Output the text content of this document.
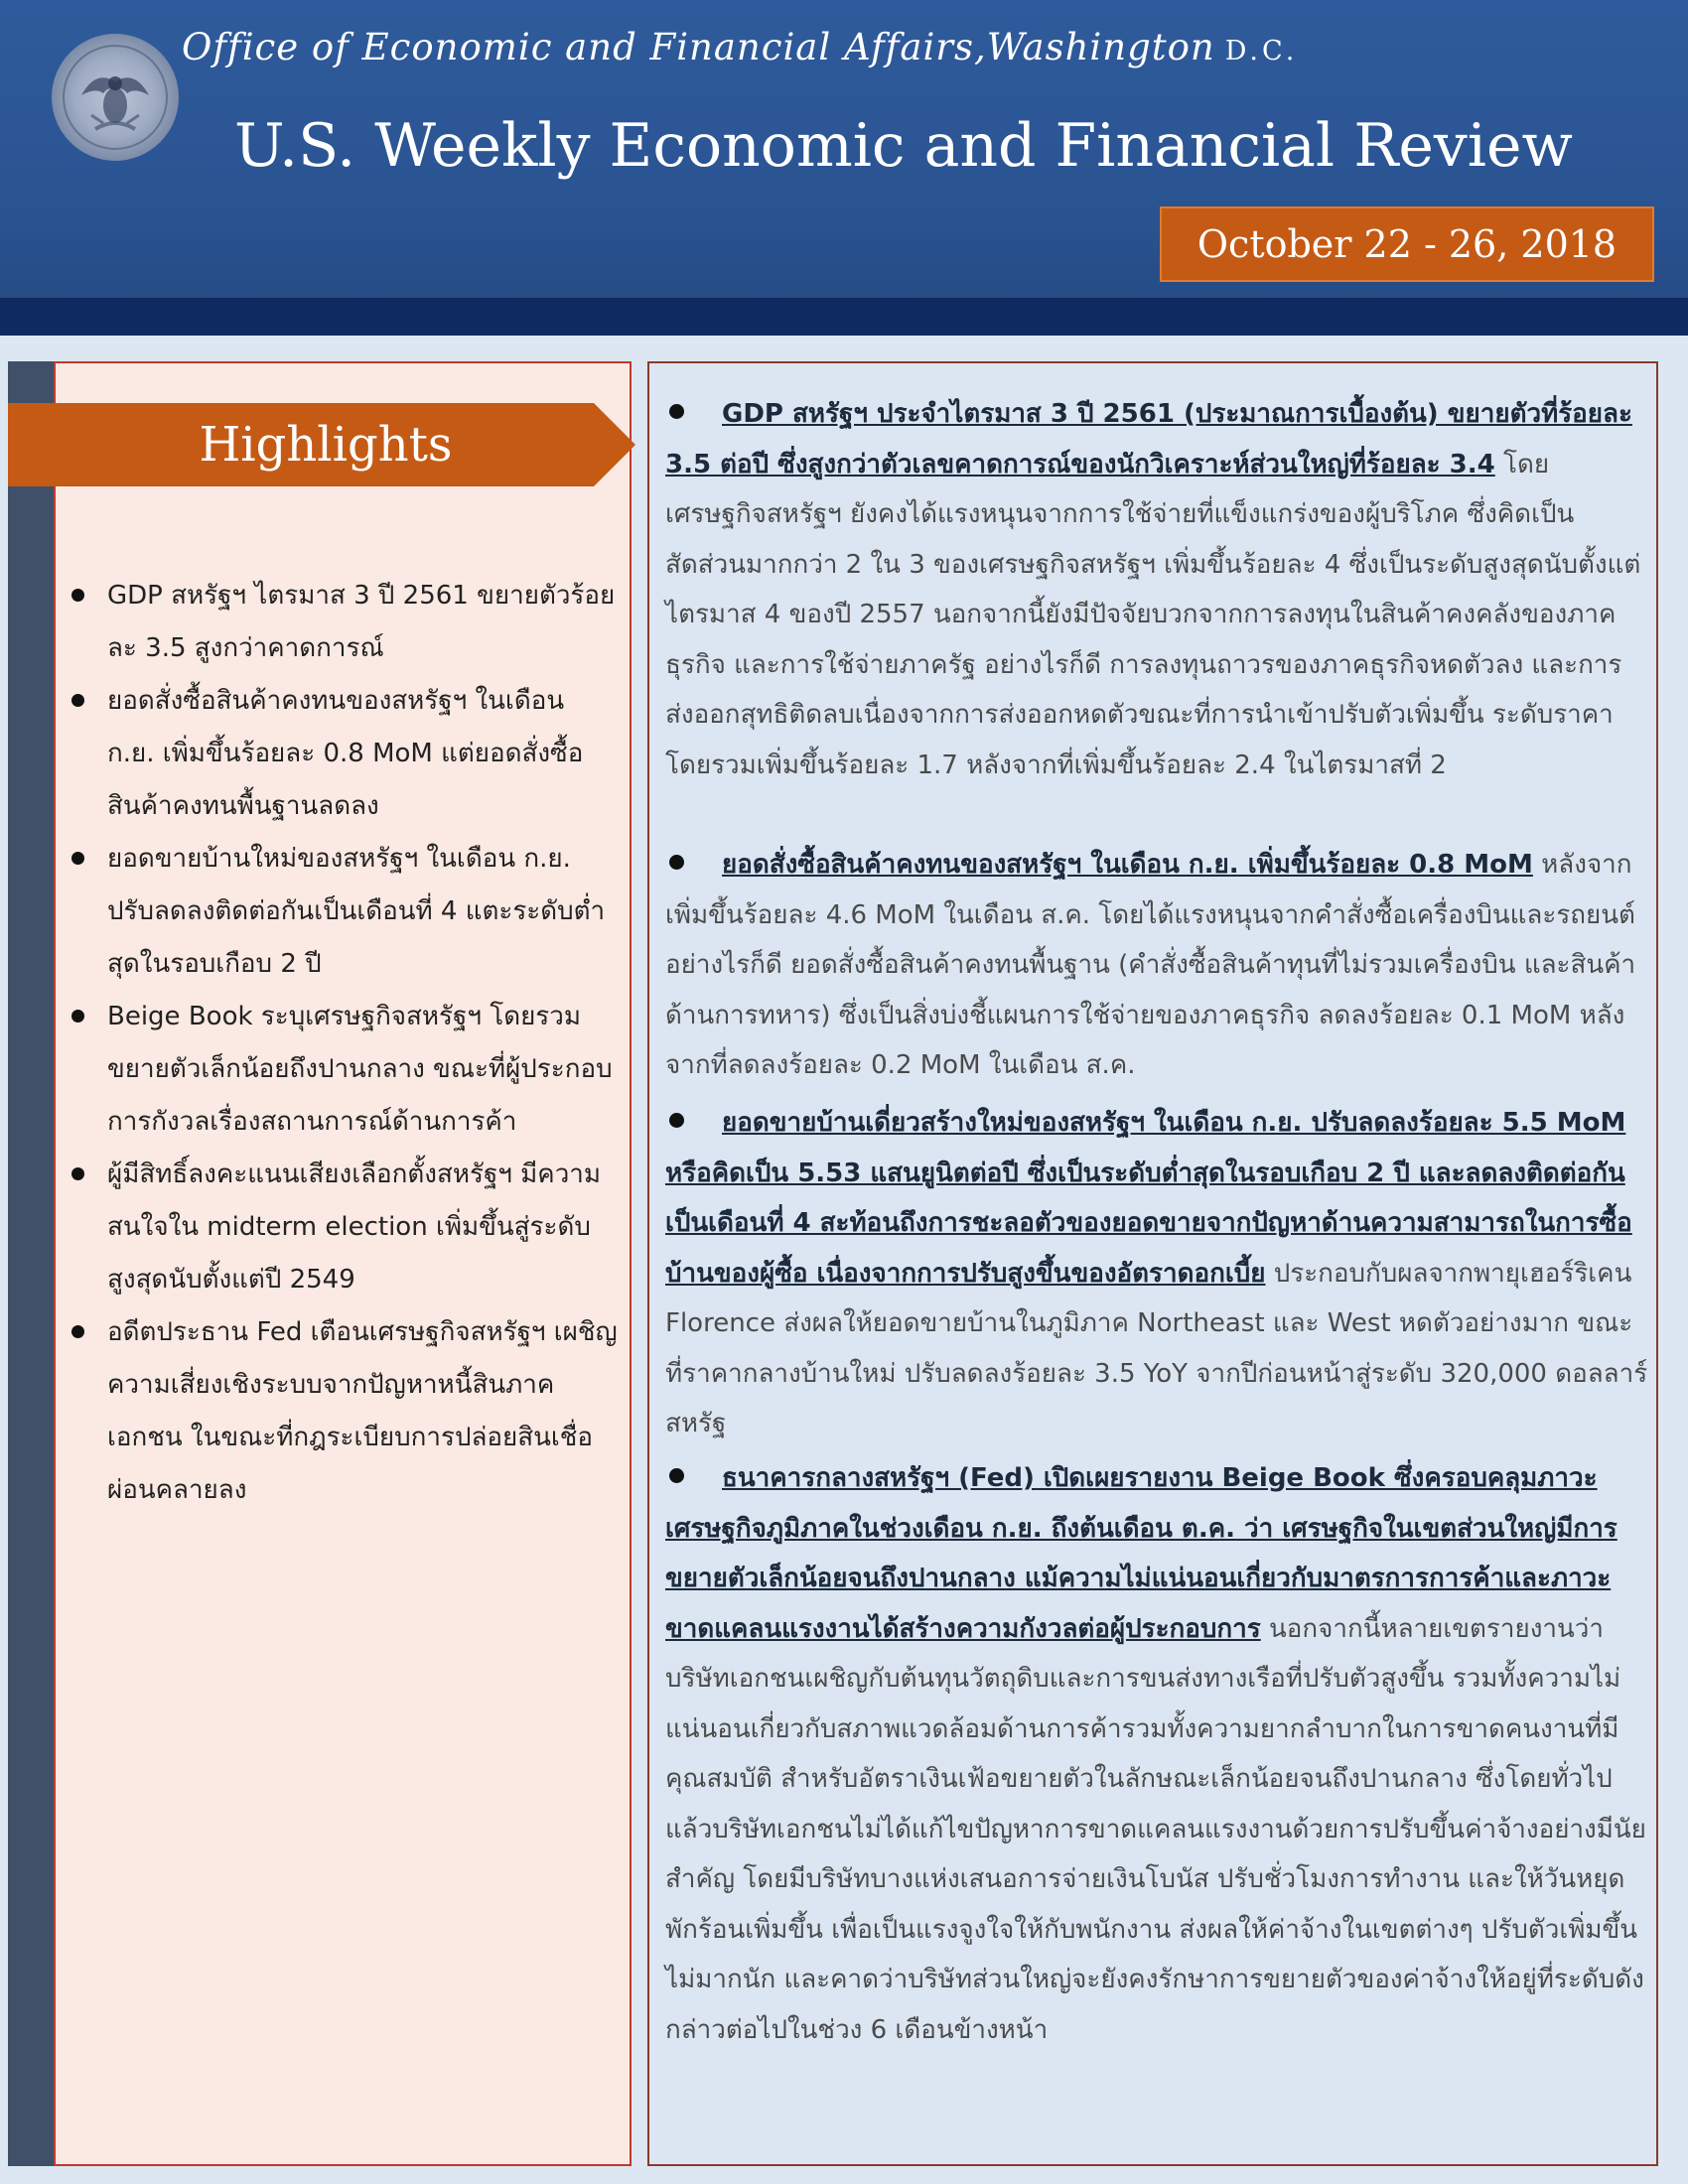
Office of Economic and Financial Affairs,Washington D.C.
U.S. Weekly Economic and Financial Review
October 22 - 26, 2018
Highlights
GDP สหรัฐฯ ไตรมาส 3 ปี 2561 ขยายตัวร้อยละ 3.5 สูงกว่าคาดการณ์
ยอดสั่งซื้อสินค้าคงทนของสหรัฐฯ ในเดือน ก.ย. เพิ่มขึ้นร้อยละ 0.8 MoM แต่ยอดสั่งซื้อสินค้าคงทนพื้นฐานลดลง
ยอดขายบ้านใหม่ของสหรัฐฯ ในเดือน ก.ย. ปรับลดลงติดต่อกันเป็นเดือนที่ 4 แตะระดับต่ำสุดในรอบเกือบ 2 ปี
Beige Book ระบุเศรษฐกิจสหรัฐฯ โดยรวมขยายตัวเล็กน้อยถึงปานกลาง ขณะที่ผู้ประกอบการกังวลเรื่องสถานการณ์ด้านการค้า
ผู้มีสิทธิ์ลงคะแนนเสียงเลือกตั้งสหรัฐฯ มีความสนใจใน midterm election เพิ่มขึ้นสู่ระดับสูงสุดนับตั้งแต่ปี 2549
อดีตประธาน Fed เตือนเศรษฐกิจสหรัฐฯ เผชิญความเสี่ยงเชิงระบบจากปัญหาหนี้สินภาคเอกชน ในขณะที่กฎระเบียบการปล่อยสินเชื่อผ่อนคลายลง
GDP สหรัฐฯ ประจำไตรมาส 3 ปี 2561 (ประมาณการเบื้องต้น) ขยายตัวที่ร้อยละ 3.5 ต่อปี ซึ่งสูงกว่าตัวเลขคาดการณ์ของนักวิเคราะห์ส่วนใหญ่ที่ร้อยละ 3.4 โดยเศรษฐกิจสหรัฐฯ ยังคงได้แรงหนุนจากการใช้จ่ายที่แข็งแกร่งของผู้บริโภค ซึ่งคิดเป็นสัดส่วนมากกว่า 2 ใน 3 ของเศรษฐกิจสหรัฐฯ เพิ่มขึ้นร้อยละ 4 ซึ่งเป็นระดับสูงสุดนับตั้งแต่ไตรมาส 4 ของปี 2557 นอกจากนี้ยังมีปัจจัยบวกจากการลงทุนในสินค้าคงคลังของภาคธุรกิจ และการใช้จ่ายภาครัฐ อย่างไรก็ดี การลงทุนถาวรของภาคธุรกิจหดตัวลง และการส่งออกสุทธิติดลบเนื่องจากการส่งออกหดตัวขณะที่การนำเข้าปรับตัวเพิ่มขึ้น ระดับราคาโดยรวมเพิ่มขึ้นร้อยละ 1.7 หลังจากที่เพิ่มขึ้นร้อยละ 2.4 ในไตรมาสที่ 2
ยอดสั่งซื้อสินค้าคงทนของสหรัฐฯ ในเดือน ก.ย. เพิ่มขึ้นร้อยละ 0.8 MoM หลังจากเพิ่มขึ้นร้อยละ 4.6 MoM ในเดือน ส.ค. โดยได้แรงหนุนจากคำสั่งซื้อเครื่องบินและรถยนต์ อย่างไรก็ดี ยอดสั่งซื้อสินค้าคงทนพื้นฐาน (คำสั่งซื้อสินค้าทุนที่ไม่รวมเครื่องบิน และสินค้าด้านการทหาร) ซึ่งเป็นสิ่งบ่งชี้แผนการใช้จ่ายของภาคธุรกิจ ลดลงร้อยละ 0.1 MoM หลังจากที่ลดลงร้อยละ 0.2 MoM ในเดือน ส.ค.
ยอดขายบ้านเดี่ยวสร้างใหม่ของสหรัฐฯ ในเดือน ก.ย. ปรับลดลงร้อยละ 5.5 MoM หรือคิดเป็น 5.53 แสนยูนิตต่อปี ซึ่งเป็นระดับต่ำสุดในรอบเกือบ 2 ปี และลดลงติดต่อกันเป็นเดือนที่ 4 สะท้อนถึงการชะลอตัวของยอดขายจากปัญหาด้านความสามารถในการซื้อบ้านของผู้ซื้อ เนื่องจากการปรับสูงขึ้นของอัตราดอกเบี้ย ประกอบกับผลจากพายุเฮอร์ริเคน Florence ส่งผลให้ยอดขายบ้านในภูมิภาค Northeast และ West หดตัวอย่างมาก ขณะที่ราคากลางบ้านใหม่ ปรับลดลงร้อยละ 3.5 YoY จากปีก่อนหน้าสู่ระดับ 320,000 ดอลลาร์สหรัฐ
ธนาคารกลางสหรัฐฯ (Fed) เปิดเผยรายงาน Beige Book ซึ่งครอบคลุมภาวะเศรษฐกิจภูมิภาคในช่วงเดือน ก.ย. ถึงต้นเดือน ต.ค. ว่า เศรษฐกิจในเขตส่วนใหญ่มีการขยายตัวเล็กน้อยจนถึงปานกลาง แม้ความไม่แน่นอนเกี่ยวกับมาตรการการค้าและภาวะขาดแคลนแรงงานได้สร้างความกังวลต่อผู้ประกอบการ นอกจากนี้หลายเขตรายงานว่า บริษัทเอกชนเผชิญกับต้นทุนวัตถุดิบและการขนส่งทางเรือที่ปรับตัวสูงขึ้น รวมทั้งความไม่แน่นอนเกี่ยวกับสภาพแวดล้อมด้านการค้ารวมทั้งความยากลำบากในการขาดคนงานที่มีคุณสมบัติ สำหรับอัตราเงินเฟ้อขยายตัวในลักษณะเล็กน้อยจนถึงปานกลาง ซึ่งโดยทั่วไปแล้วบริษัทเอกชนไม่ได้แก้ไขปัญหาการขาดแคลนแรงงานด้วยการปรับขึ้นค่าจ้างอย่างมีนัยสำคัญ โดยมีบริษัทบางแห่งเสนอการจ่ายเงินโบนัส ปรับชั่วโมงการทำงาน และให้วันหยุดพักร้อนเพิ่มขึ้น เพื่อเป็นแรงจูงใจให้กับพนักงาน ส่งผลให้ค่าจ้างในเขตต่างๆ ปรับตัวเพิ่มขึ้นไม่มากนัก และคาดว่าบริษัทส่วนใหญ่จะยังคงรักษาการขยายตัวของค่าจ้างให้อยู่ที่ระดับดังกล่าวต่อไปในช่วง 6 เดือนข้างหน้า
